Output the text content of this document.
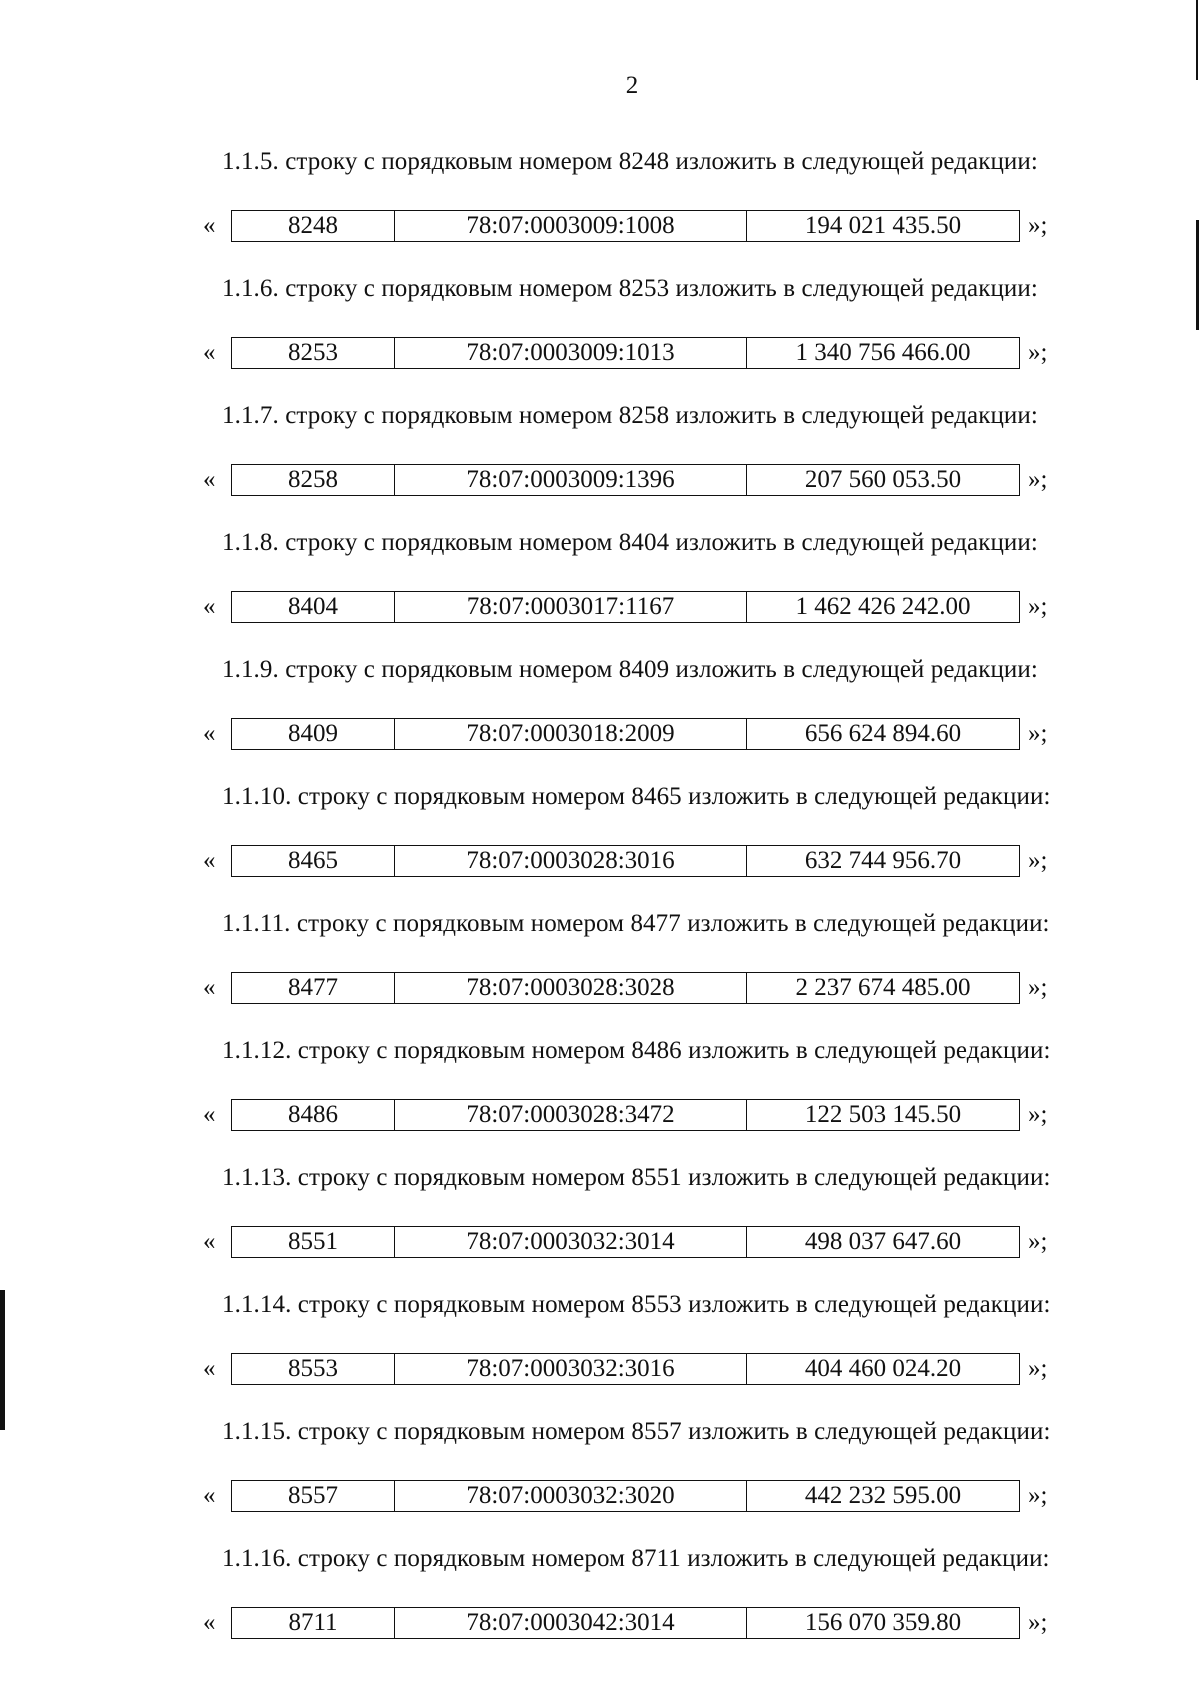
2
1.1.5. строку с порядковым номером 8248 изложить в следующей редакции:
«	8248	78:07:0003009:1008	194 021 435.50	»;
1.1.6. строку с порядковым номером 8253 изложить в следующей редакции:
«	8253	78:07:0003009:1013	1 340 756 466.00	»;
1.1.7. строку с порядковым номером 8258 изложить в следующей редакции:
«	8258	78:07:0003009:1396	207 560 053.50	»;
1.1.8. строку с порядковым номером 8404 изложить в следующей редакции:
«	8404	78:07:0003017:1167	1 462 426 242.00	»;
1.1.9. строку с порядковым номером 8409 изложить в следующей редакции:
«	8409	78:07:0003018:2009	656 624 894.60	»;
1.1.10. строку с порядковым номером 8465 изложить в следующей редакции:
«	8465	78:07:0003028:3016	632 744 956.70	»;
1.1.11. строку с порядковым номером 8477 изложить в следующей редакции:
«	8477	78:07:0003028:3028	2 237 674 485.00	»;
1.1.12. строку с порядковым номером 8486 изложить в следующей редакции:
«	8486	78:07:0003028:3472	122 503 145.50	»;
1.1.13. строку с порядковым номером 8551 изложить в следующей редакции:
«	8551	78:07:0003032:3014	498 037 647.60	»;
1.1.14. строку с порядковым номером 8553 изложить в следующей редакции:
«	8553	78:07:0003032:3016	404 460 024.20	»;
1.1.15. строку с порядковым номером 8557 изложить в следующей редакции:
«	8557	78:07:0003032:3020	442 232 595.00	»;
1.1.16. строку с порядковым номером 8711 изложить в следующей редакции:
«	8711	78:07:0003042:3014	156 070 359.80	»;
